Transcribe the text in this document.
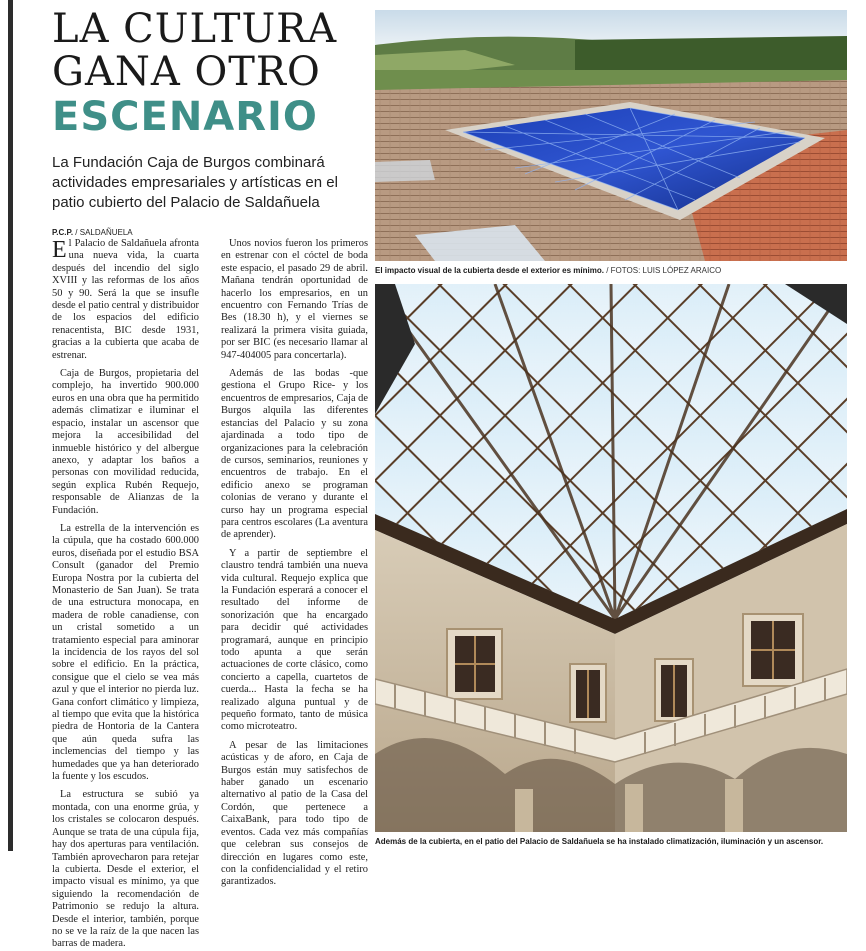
LA CULTURA
GANA OTRO
ESCENARIO
La Fundación Caja de Burgos combinará actividades empresariales y artísticas en el patio cubierto del Palacio de Saldañuela
P.C.P. / SALDAÑUELA

El Palacio de Saldañuela afronta una nueva vida, la cuarta después del incendio del siglo XVIII y las reformas de los años 50 y 90. Será la que se insufle desde el patio central y distribuidor de los espacios del edificio renacentista, BIC desde 1931, gracias a la cubierta que acaba de estrenar.

Caja de Burgos, propietaria del complejo, ha invertido 900.000 euros en una obra que ha permitido además climatizar e iluminar el espacio, instalar un ascensor que mejora la accesibilidad del inmueble histórico y del albergue anexo, y adaptar los baños a personas con movilidad reducida, según explica Rubén Requejo, responsable de Alianzas de la Fundación.

La estrella de la intervención es la cúpula, que ha costado 600.000 euros, diseñada por el estudio BSA Consult (ganador del Premio Europa Nostra por la cubierta del Monasterio de San Juan). Se trata de una estructura monocapa, en madera de roble canadiense, con un cristal sometido a un tratamiento especial para aminorar la incidencia de los rayos del sol sobre el edificio. En la práctica, consigue que el cielo se vea más azul y que el interior no pierda luz. Gana confort climático y limpieza, al tiempo que evita que la histórica piedra de Hontoria de la Cantera que aún queda sufra las inclemencias del tiempo y las humedades que ya han deteriorado la fuente y los escudos.

La estructura se subió ya montada, con una enorme grúa, y los cristales se colocaron después. Aunque se trata de una cúpula fija, hay dos aperturas para ventilación. También aprovecharon para retejar la cubierta. Desde el exterior, el impacto visual es mínimo, ya que siguiendo la recomendación de Patrimonio se redujo la altura. Desde el interior, también, porque no se ve la raíz de la que nacen las barras de madera.

Unos novios fueron los primeros en estrenar con el cóctel de boda este espacio, el pasado 29 de abril. Mañana tendrán oportunidad de hacerlo los empresarios, en un encuentro con Fernando Trías de Bes (18.30 h), y el viernes se realizará la primera visita guiada, por ser BIC (es necesario llamar al 947-404005 para concertarla).

Además de las bodas -que gestiona el Grupo Rice- y los encuentros de empresarios, Caja de Burgos alquila las diferentes estancias del Palacio y su zona ajardinada a todo tipo de organizaciones para la celebración de cursos, seminarios, reuniones y encuentros de trabajo. En el edificio anexo se programan colonias de verano y durante el curso hay un programa especial para centros escolares (La aventura de aprender).

Y a partir de septiembre el claustro tendrá también una nueva vida cultural. Requejo explica que la Fundación esperará a conocer el resultado del informe de sonorización que ha encargado para decidir qué actividades programará, aunque en principio todo apunta a que serán actuaciones de corte clásico, como concierto a capella, cuartetos de cuerda... Hasta la fecha se ha realizado alguna puntual y de pequeño formato, tanto de música como microteatro.

A pesar de las limitaciones acústicas y de aforo, en Caja de Burgos están muy satisfechos de haber ganado un escenario alternativo al patio de la Casa del Cordón, que pertenece a CaixaBank, para todo tipo de eventos. Cada vez más compañías que celebran sus consejos de dirección en lugares como este, con la confidencialidad y el retiro garantizados.

El impacto visual de la cubierta desde el exterior es mínimo. / FOTOS: LUIS LÓPEZ ARAICO
Además de la cubierta, en el patio del Palacio de Saldañuela se ha instalado climatización, iluminación y un ascensor.
